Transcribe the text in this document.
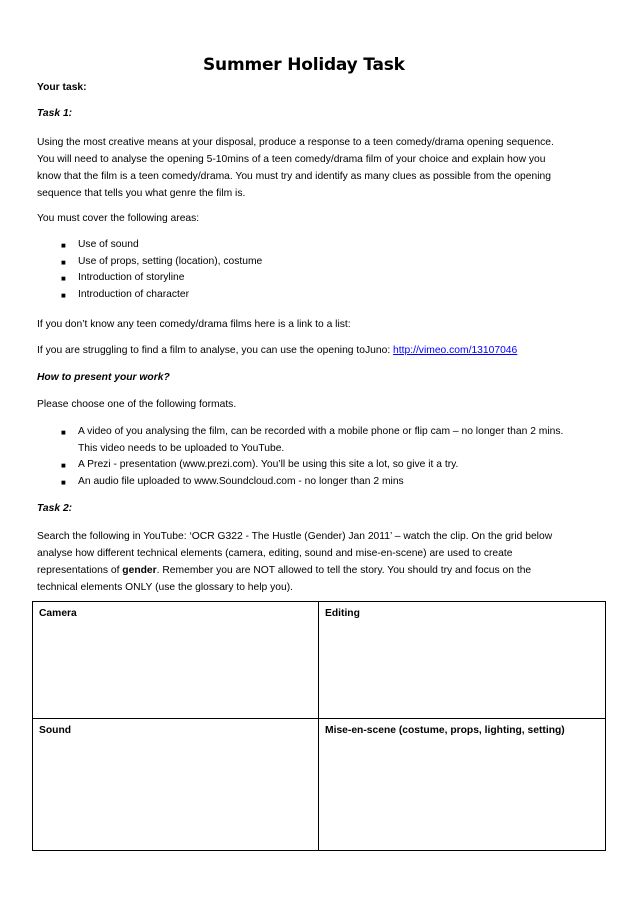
Summer Holiday Task
Your task:
Task 1:
Using the most creative means at your disposal, produce a response to a teen comedy/drama opening sequence.
You will need to analyse the opening 5-10mins of a teen comedy/drama film of your choice and explain how you
know that the film is a teen comedy/drama. You must try and identify as many clues as possible from the opening
sequence that tells you what genre the film is.
You must cover the following areas:
■ Use of sound
■ Use of props, setting (location), costume
■ Introduction of storyline
■ Introduction of character
If you don’t know any teen comedy/drama films here is a link to a list:
If you are struggling to find a film to analyse, you can use the opening toJuno: http://vimeo.com/13107046
How to present your work?
Please choose one of the following formats.
■ A video of you analysing the film, can be recorded with a mobile phone or flip cam – no longer than 2 mins.
This video needs to be uploaded to YouTube.
■ A Prezi - presentation (www.prezi.com). You’ll be using this site a lot, so give it a try.
■ An audio file uploaded to www.Soundcloud.com - no longer than 2 mins
Task 2:
Search the following in YouTube: ‘OCR G322 - The Hustle (Gender) Jan 2011’ – watch the clip. On the grid below
analyse how different technical elements (camera, editing, sound and mise-en-scene) are used to create
representations of gender. Remember you are NOT allowed to tell the story. You should try and focus on the
technical elements ONLY (use the glossary to help you).
Camera	Editing
Sound	Mise-en-scene (costume, props, lighting, setting)
